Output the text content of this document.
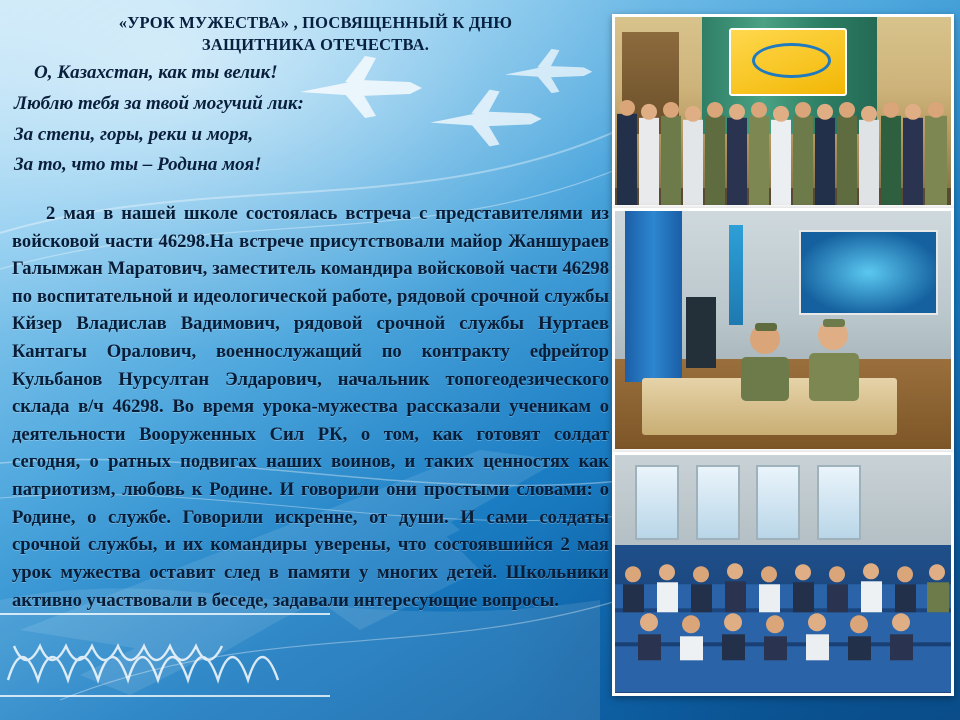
«УРОК МУЖЕСТВА» , ПОСВЯЩЕННЫЙ К ДНЮ
ЗАЩИТНИКА ОТЕЧЕСТВА.
О, Казахстан, как ты велик!
Люблю тебя за твой могучий лик:
За степи, горы, реки и моря,
За то, что ты – Родина моя!
2 мая в нашей школе состоялась встреча с представителями из войсковой части 46298.На встрече присутствовали майор Жаншураев Галымжан Маратович, заместитель командира войсковой части 46298 по воспитательной и идеологической работе, рядовой срочной службы Кйзер Владислав Вадимович, рядовой срочной службы Нуртаев Кантагы Оралович, военнослужащий по контракту ефрейтор Кульбанов Нурсултан Элдарович, начальник топогеодезического склада в/ч 46298. Во время урока-мужества рассказали ученикам о деятельности Вооруженных Сил РК, о том, как готовят солдат сегодня, о ратных подвигах наших воинов, и таких ценностях как патриотизм, любовь к Родине. И говорили они простыми словами: о Родине, о службе. Говорили искренне, от души. И сами солдаты срочной службы, и их командиры уверены, что состоявшийся 2 мая урок мужества оставит след в памяти у многих детей. Школьники активно участвовали в беседе, задавали интересующие вопросы.
